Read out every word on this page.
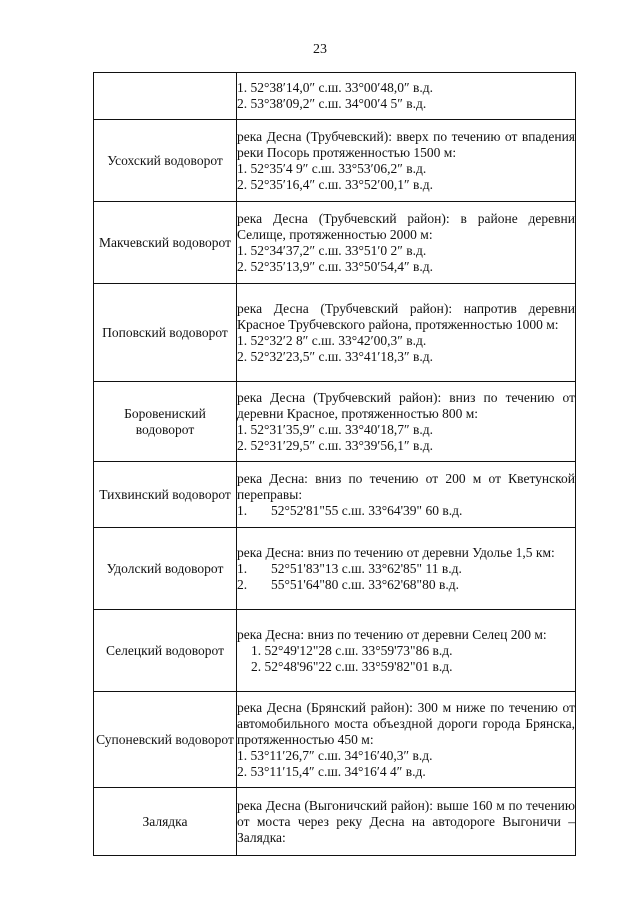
23

	1. 52°38′14,0″ с.ш. 33°00′48,0″ в.д.
2. 53°38′09,2″ с.ш. 34°00′4 5″ в.д.

Усохский водоворот	река Десна (Трубчевский): вверх по течению от впадения реки Посорь протяженностью 1500 м:
1. 52°35′4 9″ с.ш. 33°53′06,2″ в.д.
2. 52°35′16,4″ с.ш. 33°52′00,1″ в.д.

Макчевский водоворот	река Десна (Трубчевский район): в районе деревни Селище, протяженностью 2000 м:
1. 52°34′37,2″ с.ш. 33°51′0 2″ в.д.
2. 52°35′13,9″ с.ш. 33°50′54,4″ в.д.

Поповский водоворот	река Десна (Трубчевский район): напротив деревни Красное Трубчевского района, протяженностью 1000 м:
1. 52°32′2 8″ с.ш. 33°42′00,3″ в.д.
2. 52°32′23,5″ с.ш. 33°41′18,3″ в.д.

Боровениский водоворот	река Десна (Трубчевский район): вниз по течению от деревни Красное, протяженностью 800 м:
1. 52°31′35,9″ с.ш. 33°40′18,7″ в.д.
2. 52°31′29,5″ с.ш. 33°39′56,1″ в.д.

Тихвинский водоворот	река Десна: вниз по течению от 200 м от Кветунской переправы:
1. 52°52'81"55 с.ш. 33°64'39" 60 в.д.

Удолский водоворот	река Десна: вниз по течению от деревни Удолье 1,5 км:
1. 52°51'83"13 с.ш. 33°62'85" 11 в.д.
2. 55°51'64"80 с.ш. 33°62'68"80 в.д.

Селецкий водоворот	река Десна: вниз по течению от деревни Селец 200 м:
1. 52°49'12"28 с.ш. 33°59'73"86 в.д.
2. 52°48'96"22 с.ш. 33°59'82"01 в.д.

Супоневский водоворот	река Десна (Брянский район): 300 м ниже по течению от автомобильного моста объездной дороги города Брянска, протяженностью 450 м:
1. 53°11′26,7″ с.ш. 34°16′40,3″ в.д.
2. 53°11′15,4″ с.ш. 34°16′4 4″ в.д.

Залядка	река Десна (Выгоничский район): выше 160 м по течению от моста через реку Десна на автодороге Выгоничи – Залядка:
